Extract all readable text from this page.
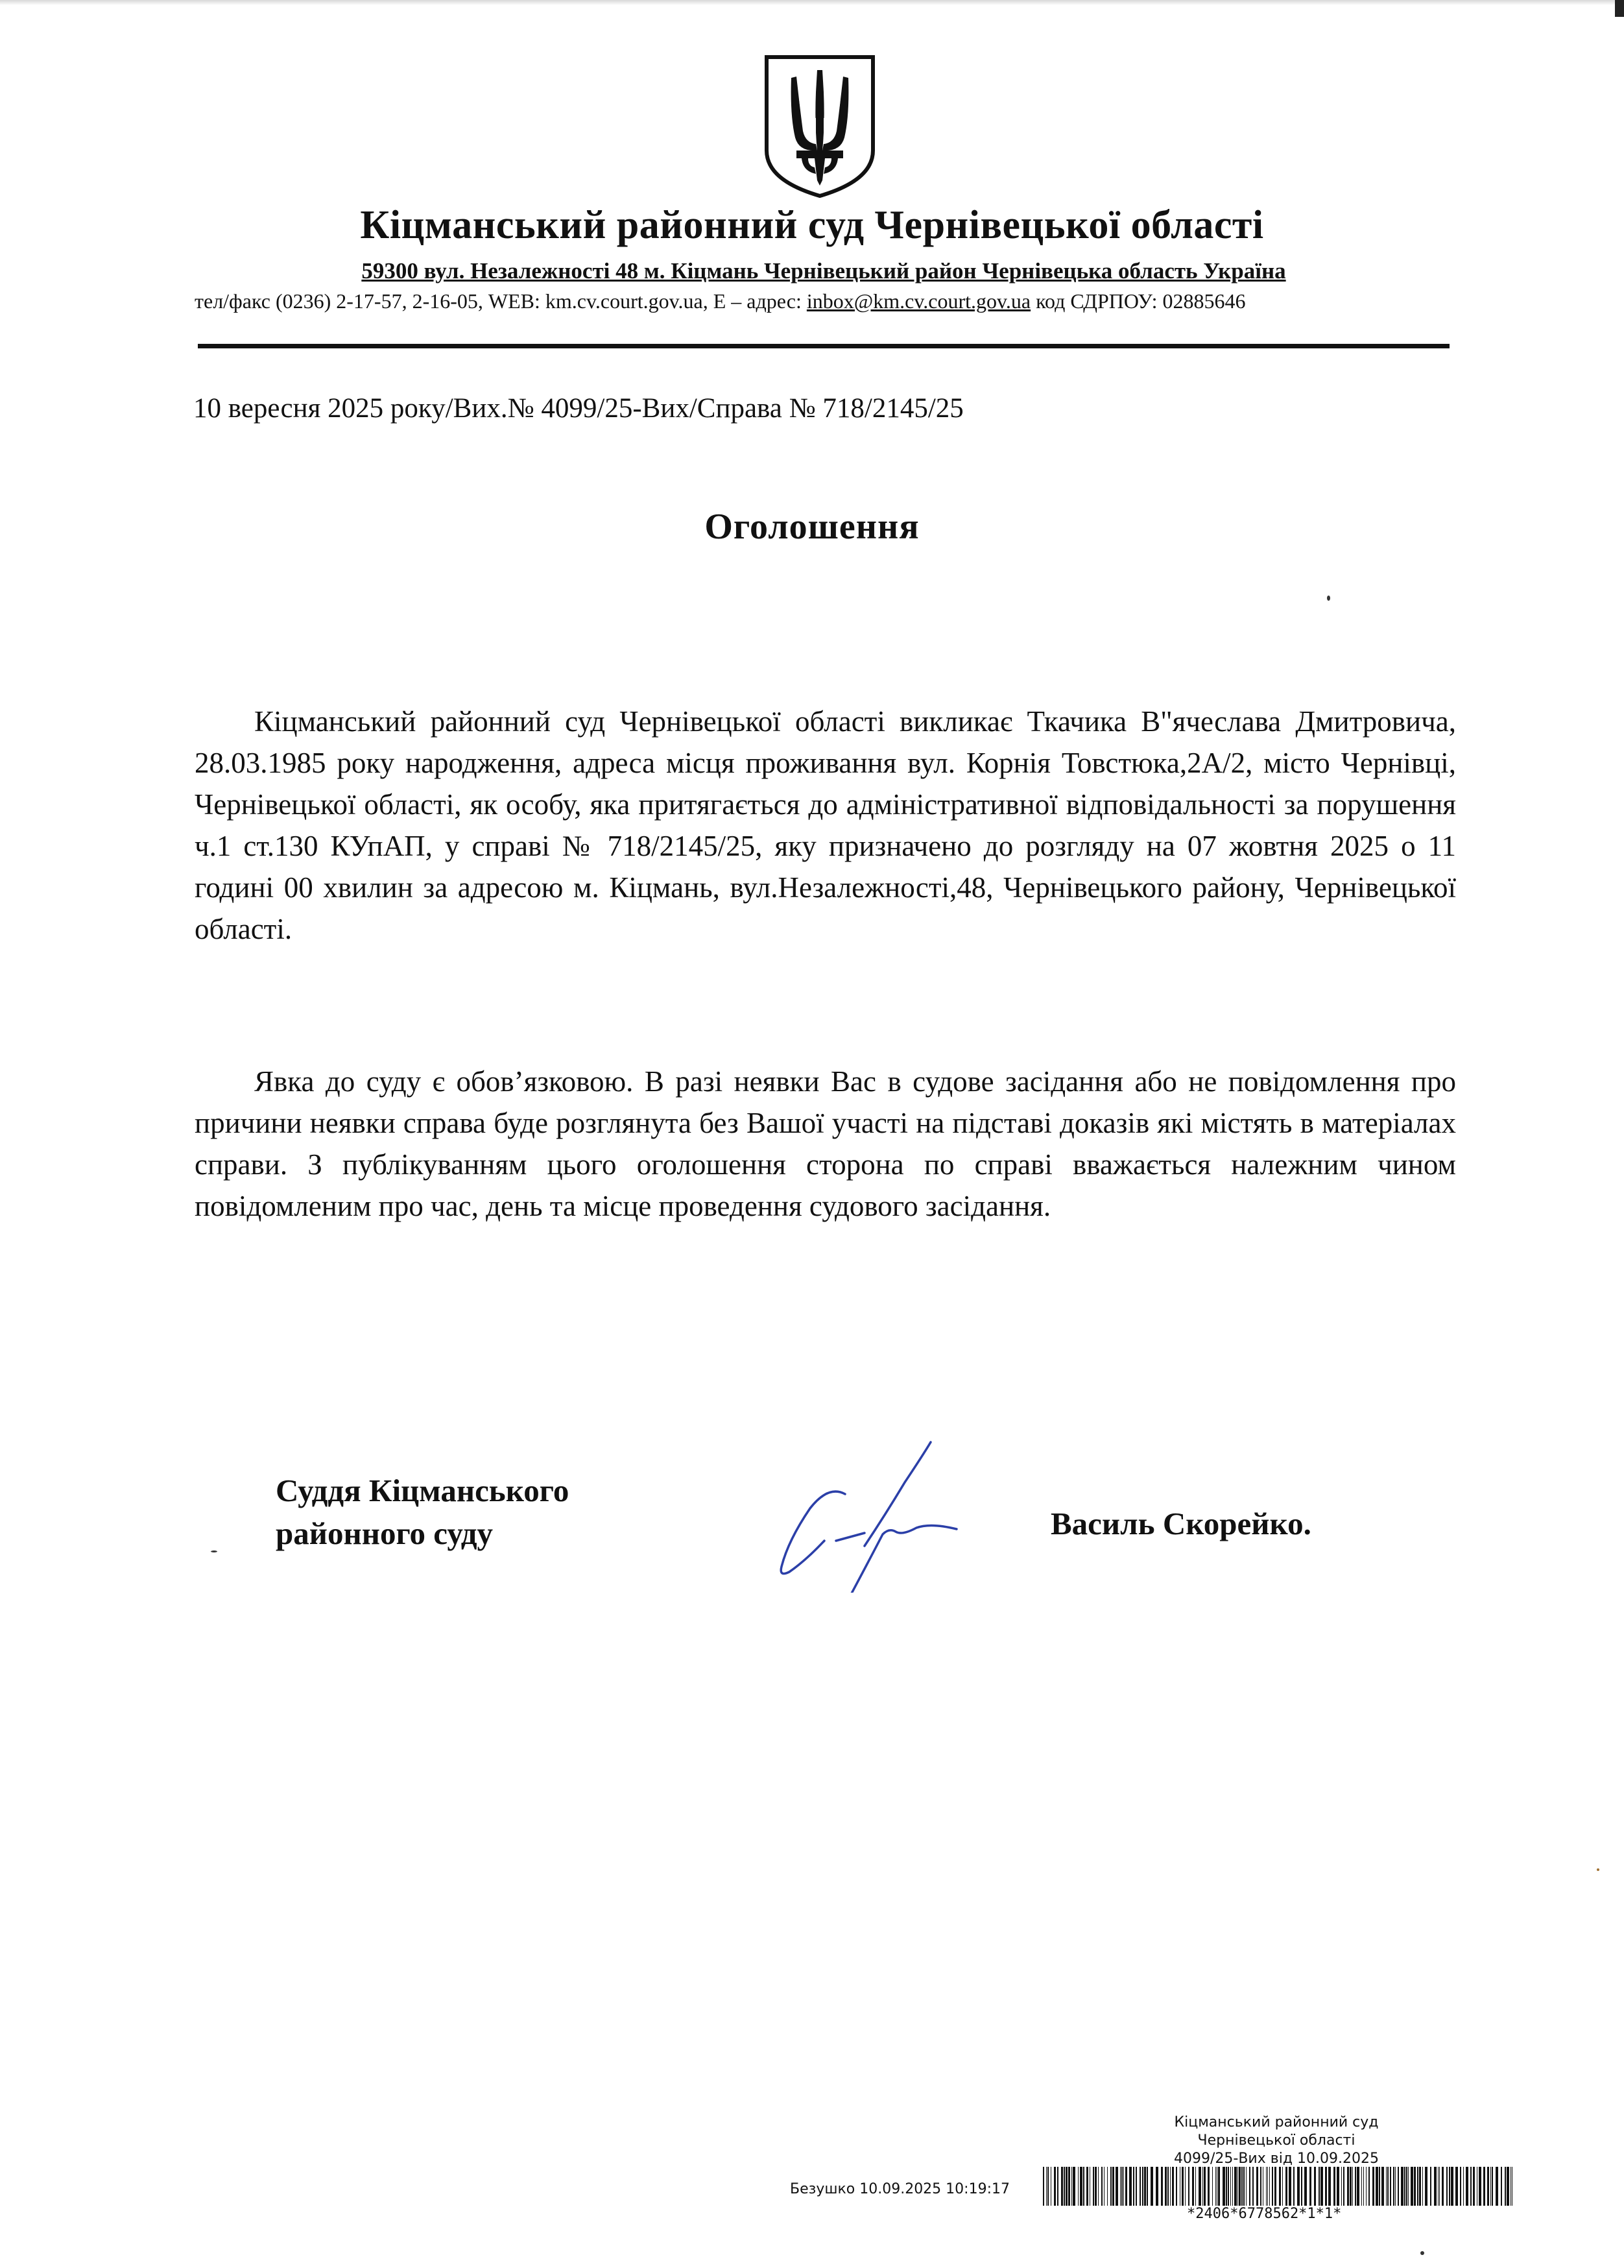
Кіцманський районний суд Чернівецької області
59300 вул. Незалежності 48 м. Кіцмань Чернівецький район Чернівецька область Україна
тел/факс (0236) 2-17-57, 2-16-05, WEB: km.cv.court.gov.ua, E – адрес: inbox@km.cv.court.gov.ua код СДРПОУ: 02885646
10 вересня 2025 року/Вих.№ 4099/25-Вих/Справа № 718/2145/25
Оголошення
Кіцманський районний суд Чернівецької області викликає Ткачика В"ячеслава Дмитровича, 28.03.1985 року народження, адреса місця проживання вул. Корнія Товстюка,2А/2, місто Чернівці, Чернівецької області, як особу, яка притягається до адміністративної відповідальності за порушення ч.1 ст.130 КУпАП, у справі № 718/2145/25, яку призначено до розгляду на 07 жовтня 2025 о 11 годині 00 хвилин за адресою м. Кіцмань, вул.Незалежності,48, Чернівецького району, Чернівецької області.
Явка до суду є обов’язковою. В разі неявки Вас в судове засідання або не повідомлення про причини неявки справа буде розглянута без Вашої участі на підставі доказів які містять в матеріалах справи. З публікуванням цього оголошення сторона по справі вважається належним чином повідомленим про час, день та місце проведення судового засідання.
Суддя Кіцманського
районного суду	Василь Скорейко.
Кіцманський районний суд
Чернівецької області
4099/25-Вих від 10.09.2025
Безушко 10.09.2025 10:19:17
*2406*6778562*1*1*
